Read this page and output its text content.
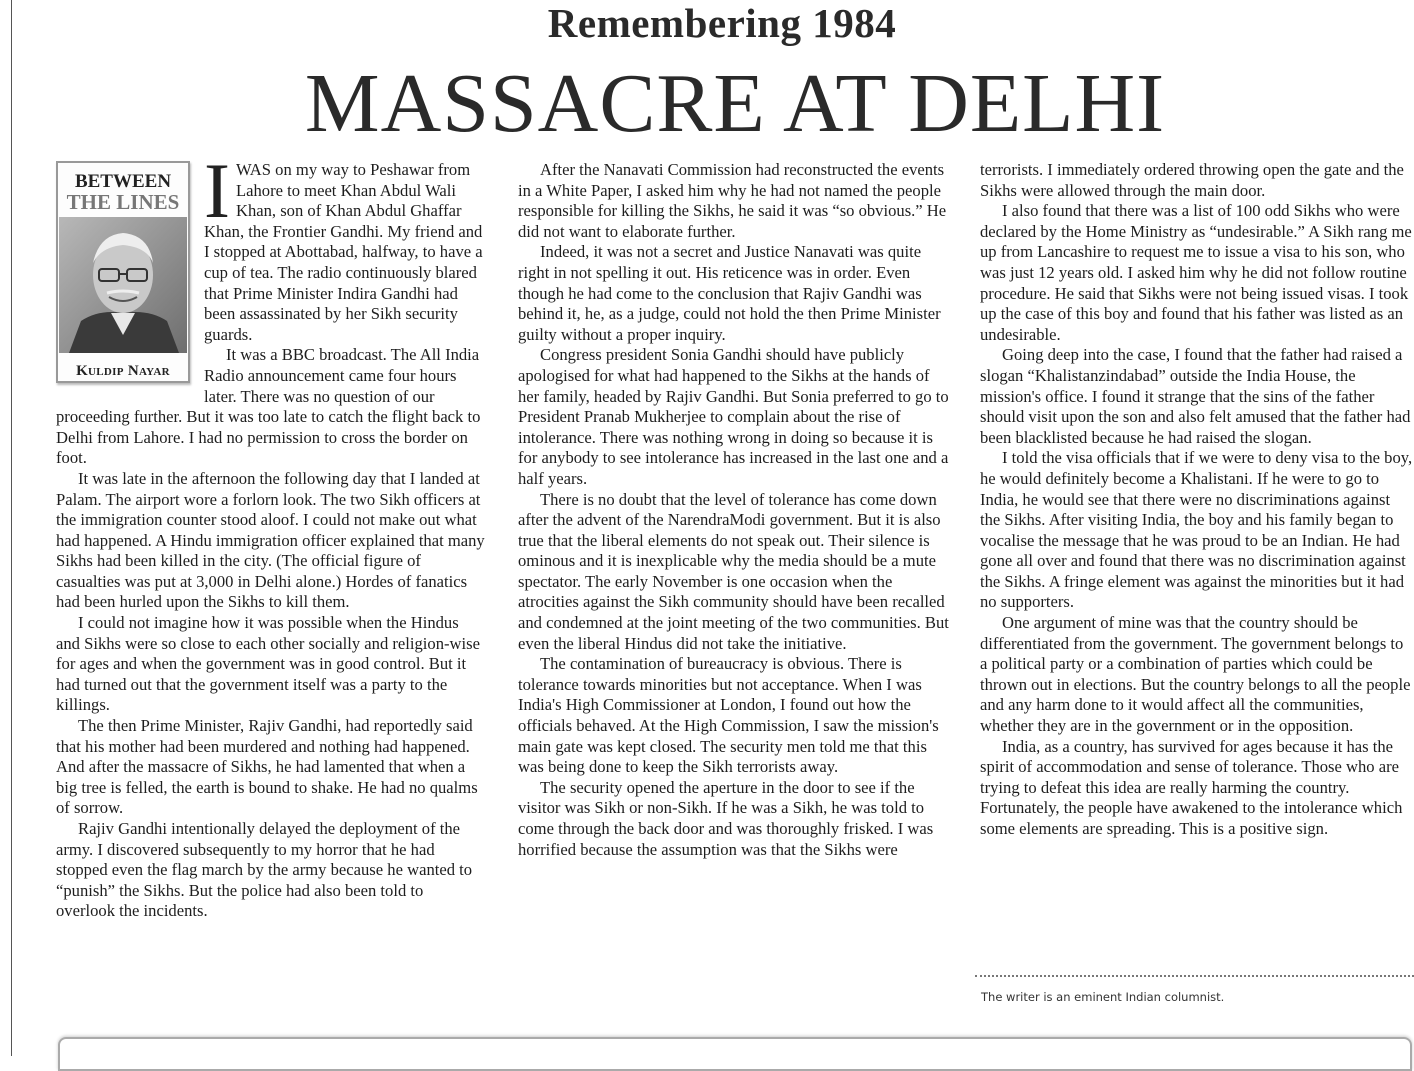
Remembering 1984
MASSACRE AT DELHI
BETWEEN
THE LINES
Kuldip Nayar
I WAS on my way to Peshawar from Lahore to meet Khan Abdul Wali Khan, son of Khan Abdul Ghaffar Khan, the Frontier Gandhi. My friend and I stopped at Abottabad, halfway, to have a cup of tea. The radio continuously blared that Prime Minister Indira Gandhi had been assassinated by her Sikh security guards.

It was a BBC broadcast. The All India Radio announcement came four hours later. There was no question of our proceeding further. But it was too late to catch the flight back to Delhi from Lahore. I had no permission to cross the border on foot.

It was late in the afternoon the following day that I landed at Palam. The airport wore a forlorn look. The two Sikh officers at the immigration counter stood aloof. I could not make out what had happened. A Hindu immigration officer explained that many Sikhs had been killed in the city. (The official figure of casualties was put at 3,000 in Delhi alone.) Hordes of fanatics had been hurled upon the Sikhs to kill them.

I could not imagine how it was possible when the Hindus and Sikhs were so close to each other socially and religion-wise for ages and when the government was in good control. But it had turned out that the government itself was a party to the killings.

The then Prime Minister, Rajiv Gandhi, had reportedly said that his mother had been murdered and nothing had happened. And after the massacre of Sikhs, he had lamented that when a big tree is felled, the earth is bound to shake. He had no qualms of sorrow.

Rajiv Gandhi intentionally delayed the deployment of the army. I discovered subsequently to my horror that he had stopped even the flag march by the army because he wanted to “punish” the Sikhs. But the police had also been told to overlook the incidents.

After the Nanavati Commission had reconstructed the events in a White Paper, I asked him why he had not named the people responsible for killing the Sikhs, he said it was “so obvious.” He did not want to elaborate further.

Indeed, it was not a secret and Justice Nanavati was quite right in not spelling it out. His reticence was in order. Even though he had come to the conclusion that Rajiv Gandhi was behind it, he, as a judge, could not hold the then Prime Minister guilty without a proper inquiry.

Congress president Sonia Gandhi should have publicly apologised for what had happened to the Sikhs at the hands of her family, headed by Rajiv Gandhi. But Sonia preferred to go to President Pranab Mukherjee to complain about the rise of intolerance. There was nothing wrong in doing so because it is for anybody to see intolerance has increased in the last one and a half years.

There is no doubt that the level of tolerance has come down after the advent of the NarendraModi government. But it is also true that the liberal elements do not speak out. Their silence is ominous and it is inexplicable why the media should be a mute spectator. The early November is one occasion when the atrocities against the Sikh community should have been recalled and condemned at the joint meeting of the two communities. But even the liberal Hindus did not take the initiative.

The contamination of bureaucracy is obvious. There is tolerance towards minorities but not acceptance. When I was India's High Commissioner at London, I found out how the officials behaved. At the High Commission, I saw the mission's main gate was kept closed. The security men told me that this was being done to keep the Sikh terrorists away.

The security opened the aperture in the door to see if the visitor was Sikh or non-Sikh. If he was a Sikh, he was told to come through the back door and was thoroughly frisked. I was horrified because the assumption was that the Sikhs were

terrorists. I immediately ordered throwing open the gate and the Sikhs were allowed through the main door.

I also found that there was a list of 100 odd Sikhs who were declared by the Home Ministry as “undesirable.” A Sikh rang me up from Lancashire to request me to issue a visa to his son, who was just 12 years old. I asked him why he did not follow routine procedure. He said that Sikhs were not being issued visas. I took up the case of this boy and found that his father was listed as an undesirable.

Going deep into the case, I found that the father had raised a slogan “Khalistanzindabad” outside the India House, the mission's office. I found it strange that the sins of the father should visit upon the son and also felt amused that the father had been blacklisted because he had raised the slogan.

I told the visa officials that if we were to deny visa to the boy, he would definitely become a Khalistani. If he were to go to India, he would see that there were no discriminations against the Sikhs. After visiting India, the boy and his family began to vocalise the message that he was proud to be an Indian. He had gone all over and found that there was no discrimination against the Sikhs. A fringe element was against the minorities but it had no supporters.

One argument of mine was that the country should be differentiated from the government. The government belongs to a political party or a combination of parties which could be thrown out in elections. But the country belongs to all the people and any harm done to it would affect all the communities, whether they are in the government or in the opposition.

India, as a country, has survived for ages because it has the spirit of accommodation and sense of tolerance. Those who are trying to defeat this idea are really harming the country. Fortunately, the people have awakened to the intolerance which some elements are spreading. This is a positive sign.

The writer is an eminent Indian columnist.
